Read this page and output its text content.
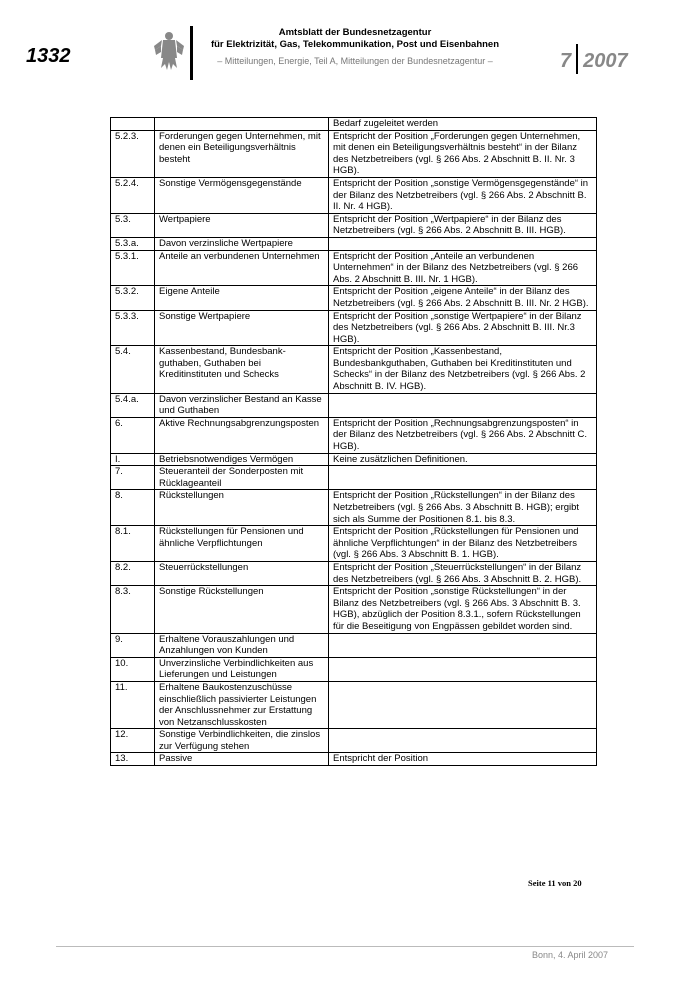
1332
Amtsblatt der Bundesnetzagentur
für Elektrizität, Gas, Telekommunikation, Post und Eisenbahnen
– Mitteilungen, Energie, Teil A, Mitteilungen der Bundesnetzagentur –	7 2007
		Bedarf zugeleitet werden
5.2.3.	Forderungen gegen Unternehmen, mit denen ein Beteiligungsverhältnis besteht	Entspricht der Position „Forderungen gegen Unternehmen, mit denen ein Beteiligungsverhältnis besteht“ in der Bilanz des Netzbetreibers (vgl. § 266 Abs. 2 Abschnitt B. II. Nr. 3 HGB).
5.2.4.	Sonstige Vermögensgegenstände	Entspricht der Position „sonstige Vermögensgegenstände“ in der Bilanz des Netzbetreibers (vgl. § 266 Abs. 2 Abschnitt B. II. Nr. 4 HGB).
5.3.	Wertpapiere	Entspricht der Position „Wertpapiere“ in der Bilanz des Netzbetreibers (vgl. § 266 Abs. 2 Abschnitt B. III. HGB).
5.3.a.	Davon verzinsliche Wertpapiere	
5.3.1.	Anteile an verbundenen Unternehmen	Entspricht der Position „Anteile an verbundenen Unternehmen“ in der Bilanz des Netzbetreibers (vgl. § 266 Abs. 2 Abschnitt B. III. Nr. 1 HGB).
5.3.2.	Eigene Anteile	Entspricht der Position „eigene Anteile“ in der Bilanz des Netzbetreibers (vgl. § 266 Abs. 2 Abschnitt B. III. Nr. 2 HGB).
5.3.3.	Sonstige Wertpapiere	Entspricht der Position „sonstige Wertpapiere“ in der Bilanz des Netzbetreibers (vgl. § 266 Abs. 2 Abschnitt B. III. Nr.3 HGB).
5.4.	Kassenbestand, Bundesbank-guthaben, Guthaben bei Kreditinstituten und Schecks	Entspricht der Position „Kassenbestand, Bundesbankguthaben, Guthaben bei Kreditinstituten und Schecks“ in der Bilanz des Netzbetreibers (vgl. § 266 Abs. 2 Abschnitt B. IV. HGB).
5.4.a.	Davon verzinslicher Bestand an Kasse und Guthaben	
6.	Aktive Rechnungsabgrenzungsposten	Entspricht der Position „Rechnungsabgrenzungsposten“ in der Bilanz des Netzbetreibers (vgl. § 266 Abs. 2 Abschnitt C. HGB).
I.	Betriebsnotwendiges Vermögen	Keine zusätzlichen Definitionen.
7.	Steueranteil der Sonderposten mit Rücklageanteil	
8.	Rückstellungen	Entspricht der Position „Rückstellungen“ in der Bilanz des Netzbetreibers (vgl. § 266 Abs. 3 Abschnitt B. HGB); ergibt sich als Summe der Positionen 8.1. bis 8.3.
8.1.	Rückstellungen für Pensionen und ähnliche Verpflichtungen	Entspricht der Position „Rückstellungen für Pensionen und ähnliche Verpflichtungen“ in der Bilanz des Netzbetreibers (vgl. § 266 Abs. 3 Abschnitt B. 1. HGB).
8.2.	Steuerrückstellungen	Entspricht der Position „Steuerrückstellungen“ in der Bilanz des Netzbetreibers (vgl. § 266 Abs. 3 Abschnitt B. 2. HGB).
8.3.	Sonstige Rückstellungen	Entspricht der Position „sonstige Rückstellungen“ in der Bilanz des Netzbetreibers (vgl. § 266 Abs. 3 Abschnitt B. 3. HGB), abzüglich der Position 8.3.1., sofern Rückstellungen für die Beseitigung von Engpässen gebildet worden sind.
9.	Erhaltene Vorauszahlungen und Anzahlungen von Kunden	
10.	Unverzinsliche Verbindlichkeiten aus Lieferungen und Leistungen	
11.	Erhaltene Baukostenzuschüsse einschließlich passivierter Leistungen der Anschlussnehmer zur Erstattung von Netzanschlusskosten	
12.	Sonstige Verbindlichkeiten, die zinslos zur Verfügung stehen	
13.	Passive	Entspricht der Position
Seite 11 von 20
Bonn, 4. April 2007
